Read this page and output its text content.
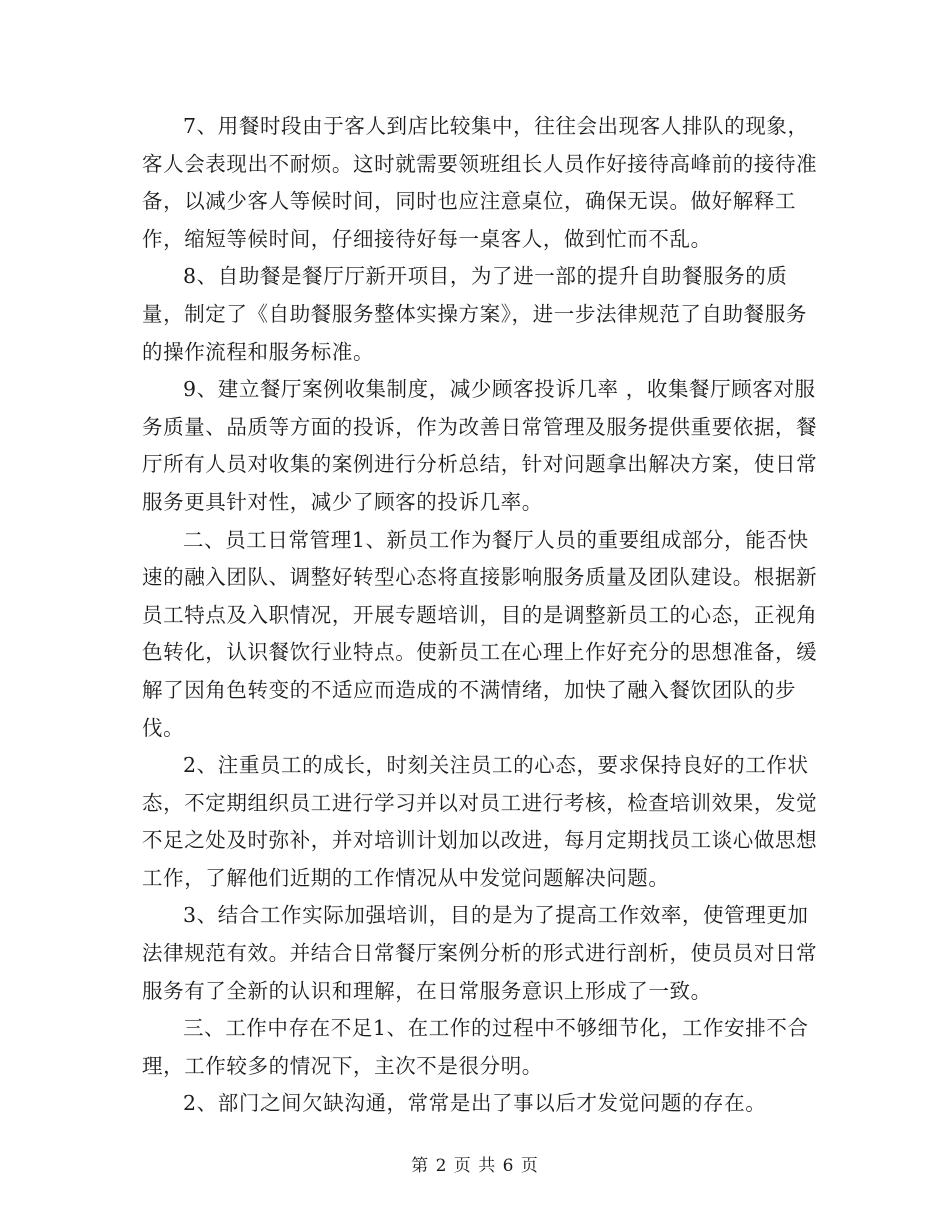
7、用餐时段由于客人到店比较集中，往往会出现客人排队的现象，客人会表现出不耐烦。这时就需要领班组长人员作好接待高峰前的接待准备，以减少客人等候时间，同时也应注意桌位，确保无误。做好解释工作，缩短等候时间，仔细接待好每一桌客人，做到忙而不乱。

8、自助餐是餐厅厅新开项目，为了进一部的提升自助餐服务的质量，制定了《自助餐服务整体实操方案》，进一步法律规范了自助餐服务的操作流程和服务标准。

9、建立餐厅案例收集制度，减少顾客投诉几率 ，收集餐厅顾客对服务质量、品质等方面的投诉，作为改善日常管理及服务提供重要依据，餐厅所有人员对收集的案例进行分析总结，针对问题拿出解决方案，使日常服务更具针对性，减少了顾客的投诉几率。

二、员工日常管理1、新员工作为餐厅人员的重要组成部分，能否快速的融入团队、调整好转型心态将直接影响服务质量及团队建设。根据新员工特点及入职情况，开展专题培训，目的是调整新员工的心态，正视角色转化，认识餐饮行业特点。使新员工在心理上作好充分的思想准备，缓解了因角色转变的不适应而造成的不满情绪，加快了融入餐饮团队的步伐。

2、注重员工的成长，时刻关注员工的心态，要求保持良好的工作状态，不定期组织员工进行学习并以对员工进行考核，检查培训效果，发觉不足之处及时弥补，并对培训计划加以改进，每月定期找员工谈心做思想工作，了解他们近期的工作情况从中发觉问题解决问题。

3、结合工作实际加强培训，目的是为了提高工作效率，使管理更加法律规范有效。并结合日常餐厅案例分析的形式进行剖析，使员员对日常服务有了全新的认识和理解，在日常服务意识上形成了一致。

三、工作中存在不足1、在工作的过程中不够细节化，工作安排不合理，工作较多的情况下，主次不是很分明。

2、部门之间欠缺沟通，常常是出了事以后才发觉问题的存在。

第 2 页 共 6 页
